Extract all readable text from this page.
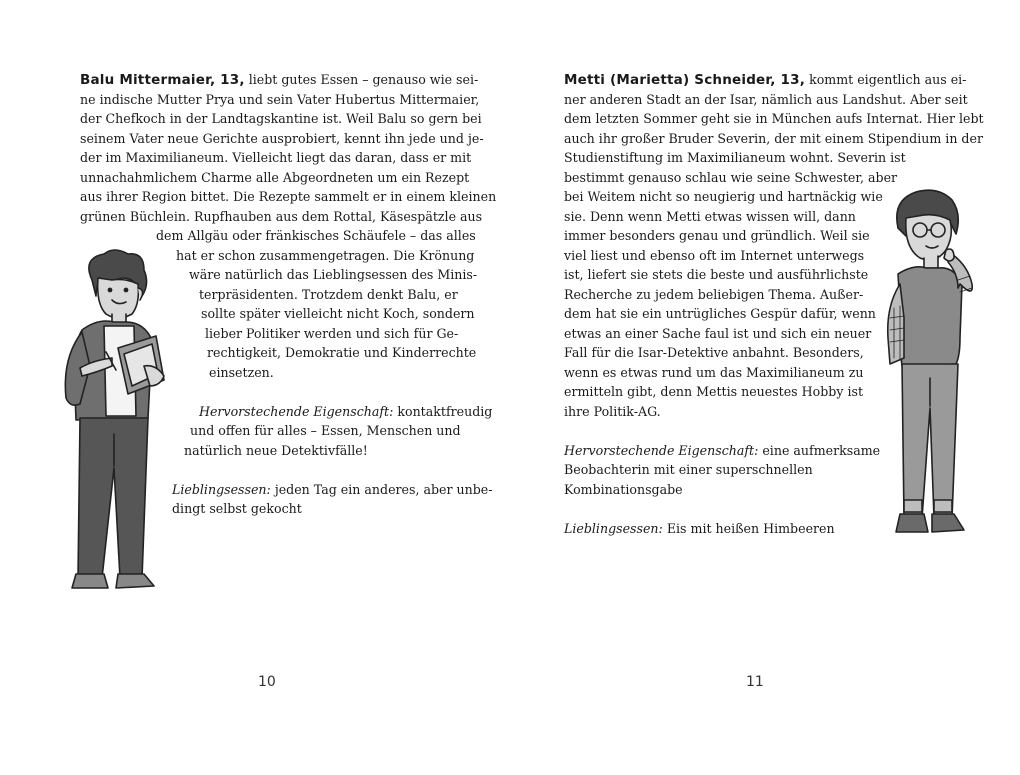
Balu Mittermaier, 13, liebt gutes Essen – genauso wie sei-
ne indische Mutter Prya und sein Vater Hubertus Mittermaier,
der Chefkoch in der Landtagskantine ist. Weil Balu so gern bei
seinem Vater neue Gerichte ausprobiert, kennt ihn jede und je-
der im Maximilianeum. Vielleicht liegt das daran, dass er mit
unnachahmlichem Charme alle Abgeordneten um ein Rezept
aus ihrer Region bittet. Die Rezepte sammelt er in einem kleinen
grünen Büchlein. Rupfhauben aus dem Rottal, Käsespätzle aus
dem Allgäu oder fränkisches Schäufele – das alles
hat er schon zusammengetragen. Die Krönung
wäre natürlich das Lieblingsessen des Minis-
terpräsidenten. Trotzdem denkt Balu, er
sollte später vielleicht nicht Koch, sondern
lieber Politiker werden und sich für Ge-
rechtigkeit, Demokratie und Kinderrechte
einsetzen.
Hervorstechende Eigenschaft: kontaktfreudig
und offen für alles – Essen, Menschen und
natürlich neue Detektivfälle!
Lieblingsessen: jeden Tag ein anderes, aber unbe-
dingt selbst gekocht
10
Metti (Marietta) Schneider, 13, kommt eigentlich aus ei-
ner anderen Stadt an der Isar, nämlich aus Landshut. Aber seit
dem letzten Sommer geht sie in München aufs Internat. Hier lebt
auch ihr großer Bruder Severin, der mit einem Stipendium in der
Studienstiftung im Maximilianeum wohnt. Severin ist
bestimmt genauso schlau wie seine Schwester, aber
bei Weitem nicht so neugierig und hartnäckig wie
sie. Denn wenn Metti etwas wissen will, dann
immer besonders genau und gründlich. Weil sie
viel liest und ebenso oft im Internet unterwegs
ist, liefert sie stets die beste und ausführlichste
Recherche zu jedem beliebigen Thema. Außer-
dem hat sie ein untrügliches Gespür dafür, wenn
etwas an einer Sache faul ist und sich ein neuer
Fall für die Isar-Detektive anbahnt. Besonders,
wenn es etwas rund um das Maximilianeum zu
ermitteln gibt, denn Mettis neuestes Hobby ist
ihre Politik-AG.
Hervorstechende Eigenschaft: eine aufmerksame
Beobachterin mit einer superschnellen
Kombinationsgabe
Lieblingsessen: Eis mit heißen Himbeeren
11
